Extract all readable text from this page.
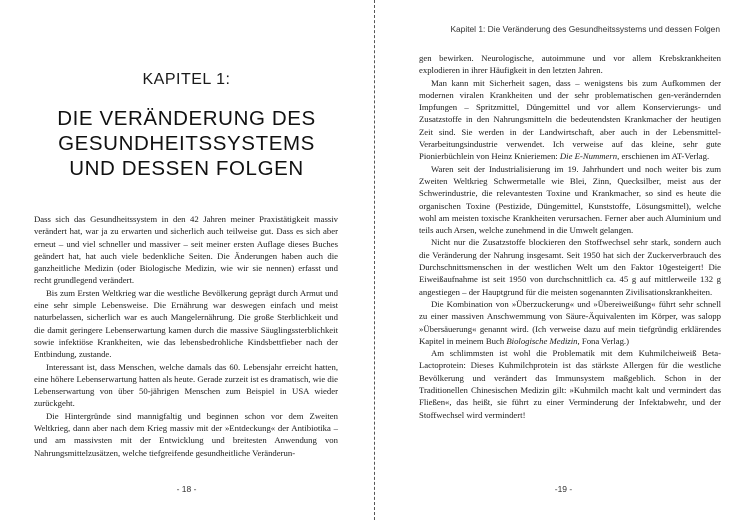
KAPITEL 1:
DIE VERÄNDERUNG DES
GESUNDHEITSSYSTEMS
UND DESSEN FOLGEN

Dass sich das Gesundheitssystem in den 42 Jahren meiner Praxistätigkeit massiv verändert hat, war ja zu erwarten und sicherlich auch teilweise gut. Dass es sich aber erneut – und viel schneller und massiver – seit meiner ersten Auflage dieses Buches geändert hat, hat auch viele bedenkliche Seiten. Die Änderungen haben auch die ganzheitliche Medizin (oder Biologische Medizin, wie wir sie nennen) erfasst und recht grundlegend verändert.

Bis zum Ersten Weltkrieg war die westliche Bevölkerung geprägt durch Armut und eine sehr simple Lebensweise. Die Ernährung war deswegen einfach und meist naturbelassen, sicherlich war es auch Mangelernährung. Die große Sterblichkeit und die damit geringere Lebenserwartung kamen durch die massive Säuglingssterblichkeit sowie infektiöse Krankheiten, wie das lebensbedrohliche Kindsbettfieber nach der Entbindung, zustande.

Interessant ist, dass Menschen, welche damals das 60. Lebensjahr erreicht hatten, eine höhere Lebenserwartung hatten als heute. Gerade zurzeit ist es dramatisch, wie die Lebenserwartung von über 50-jährigen Menschen zum Beispiel in USA wieder zurückgeht.

Die Hintergründe sind mannigfaltig und beginnen schon vor dem Zweiten Weltkrieg, dann aber nach dem Krieg massiv mit der »Entdeckung« der Antibiotika – und am massivsten mit der Entwicklung und breitesten Anwendung von Nahrungsmittelzusätzen, welche tiefgreifende gesundheitliche Veränderun-

- 18 -
Kapitel 1: Die Veränderung des Gesundheitssystems und dessen Folgen

gen bewirken. Neurologische, autoimmune und vor allem Krebskrankheiten explodieren in ihrer Häufigkeit in den letzten Jahren.

Man kann mit Sicherheit sagen, dass – wenigstens bis zum Aufkommen der modernen viralen Krankheiten und der sehr problematischen gen-verändernden Impfungen – Spritzmittel, Düngemittel und vor allem Konservierungs- und Zusatzstoffe in den Nahrungsmitteln die bedeutendsten Krankmacher der heutigen Zeit sind. Sie werden in der Landwirtschaft, aber auch in der Lebensmittel-Verarbeitungsindustrie verwendet. Ich verweise auf das kleine, sehr gute Pionierbüchlein von Heinz Knieriemen: Die E-Nummern, erschienen im AT-Verlag.

Waren seit der Industrialisierung im 19. Jahrhundert und noch weiter bis zum Zweiten Weltkrieg Schwermetalle wie Blei, Zinn, Quecksilber, meist aus der Schwerindustrie, die relevantesten Toxine und Krankmacher, so sind es heute die organischen Toxine (Pestizide, Düngemittel, Kunststoffe, Lösungsmittel), welche wohl am meisten toxische Krankheiten verursachen. Ferner aber auch Aluminium und teils auch Arsen, welche zunehmend in die Umwelt gelangen.

Nicht nur die Zusatzstoffe blockieren den Stoffwechsel sehr stark, sondern auch die Veränderung der Nahrung insgesamt. Seit 1950 hat sich der Zuckerverbrauch des Durchschnittsmenschen in der westlichen Welt um den Faktor 10gesteigert! Die Eiweißaufnahme ist seit 1950 von durchschnittlich ca. 45 g auf mittlerweile 132 g angestiegen – der Hauptgrund für die meisten sogenannten Zivilisationskrankheiten.

Die Kombination von »Überzuckerung« und »Übereiweißung« führt sehr schnell zu einer massiven Anschwemmung von Säure-Äquivalenten im Körper, was salopp »Übersäuerung« genannt wird. (Ich verweise dazu auf mein tiefgründig erklärendes Kapitel in meinem Buch Biologische Medizin, Fona Verlag.)

Am schlimmsten ist wohl die Problematik mit dem Kuhmilcheiweiß Beta-Lactoprotein: Dieses Kuhmilchprotein ist das stärkste Allergen für die westliche Bevölkerung und verändert das Immunsystem maßgeblich. Schon in der Traditionellen Chinesischen Medizin gilt: »Kuhmilch macht kalt und vermindert das Fließen«, das heißt, sie führt zu einer Verminderung der Infektabwehr, und der Stoffwechsel wird vermindert!

-19 -
